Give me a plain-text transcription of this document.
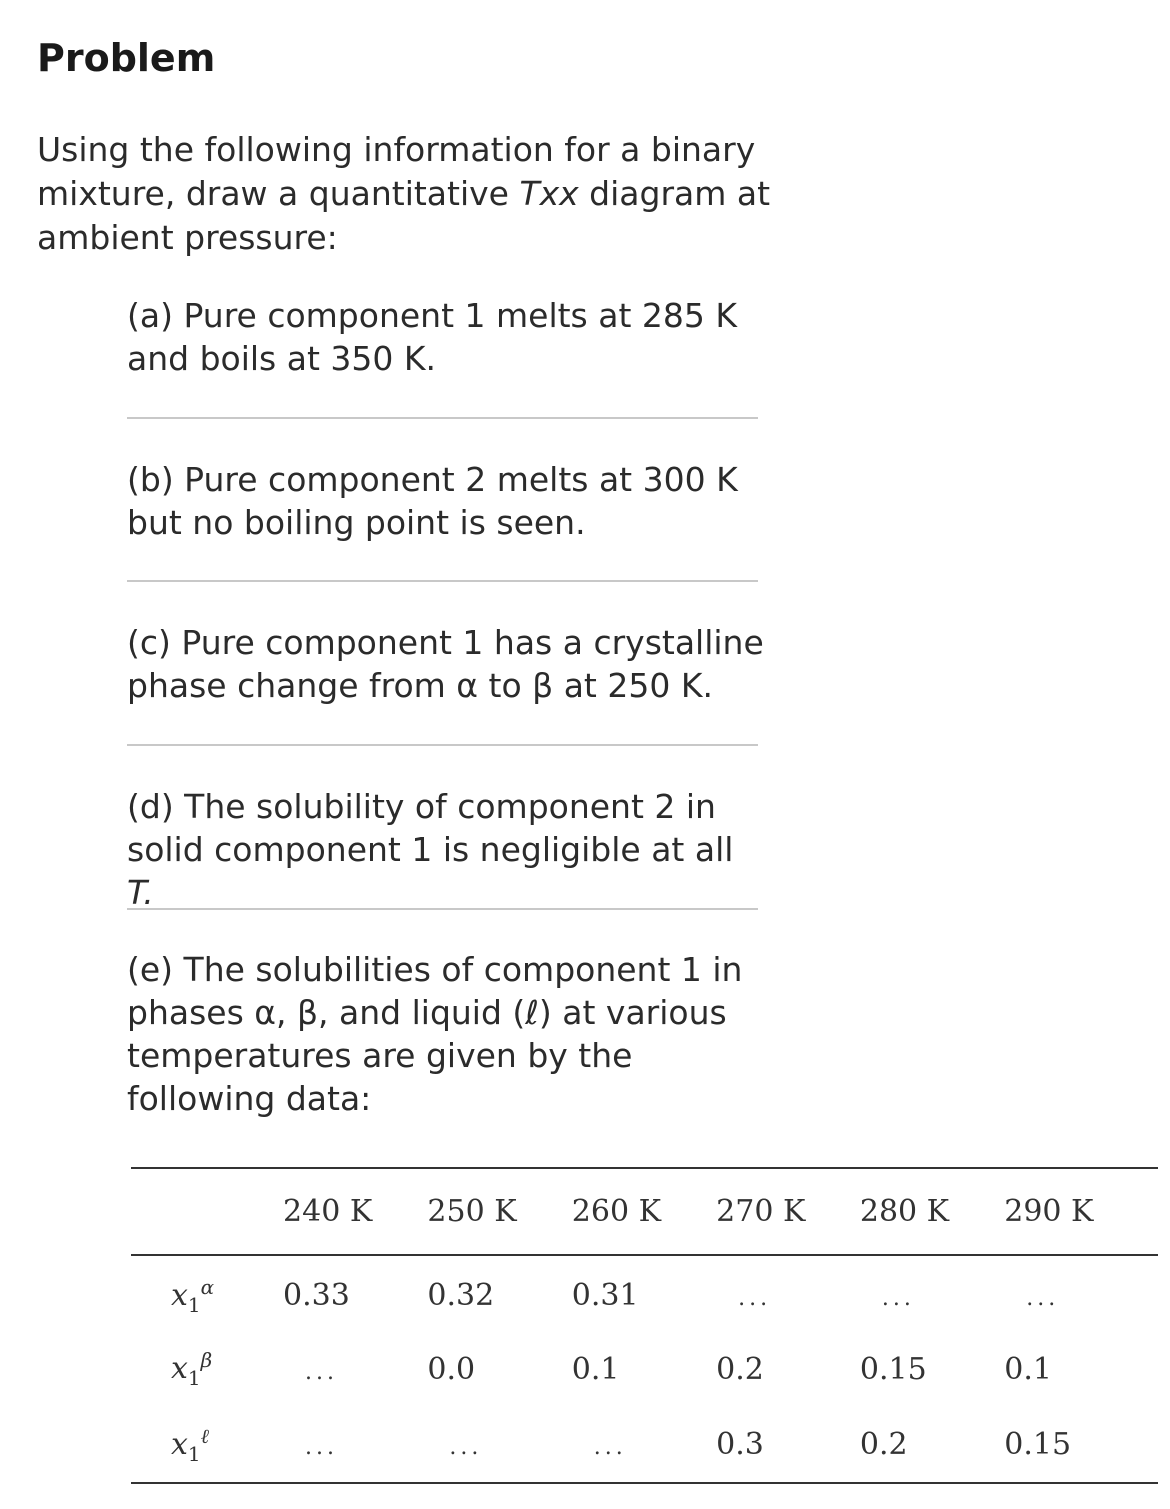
Problem
Using the following information for a binary mixture, draw a quantitative Txx diagram at ambient pressure:
(a) Pure component 1 melts at 285 K and boils at 350 K.
(b) Pure component 2 melts at 300 K but no boiling point is seen.
(c) Pure component 1 has a crystalline phase change from α to β at 250 K.
(d) The solubility of component 2 in solid component 1 is negligible at all T.
(e) The solubilities of component 1 in phases α, β, and liquid (ℓ) at various temperatures are given by the following data:
	240 K	250 K	260 K	270 K	280 K	290 K
$x_1^\alpha$	0.33	0.32	0.31	...	...	...
$x_1^\beta$	...	0.0	0.1	0.2	0.15	0.1
$x_1^\ell$	...	...	...	0.3	0.2	0.15
